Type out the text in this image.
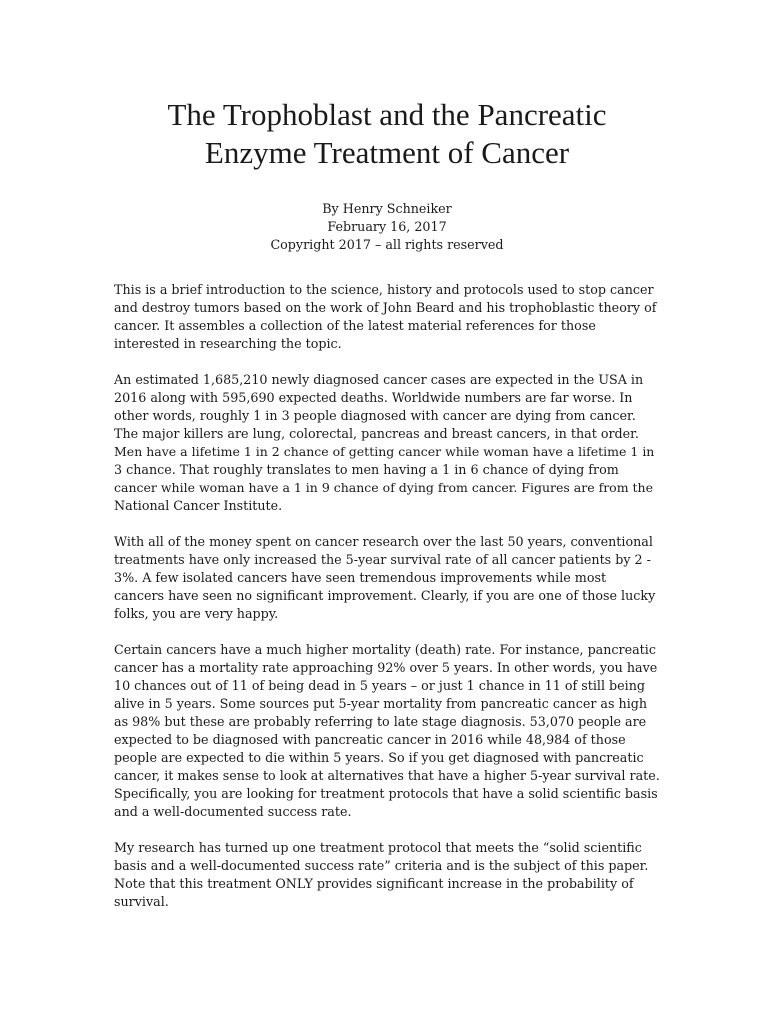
The Trophoblast and the Pancreatic
Enzyme Treatment of Cancer
By Henry Schneiker
February 16, 2017
Copyright 2017 – all rights reserved

This is a brief introduction to the science, history and protocols used to stop cancer
and destroy tumors based on the work of John Beard and his trophoblastic theory of
cancer. It assembles a collection of the latest material references for those
interested in researching the topic.

An estimated 1,685,210 newly diagnosed cancer cases are expected in the USA in
2016 along with 595,690 expected deaths. Worldwide numbers are far worse. In
other words, roughly 1 in 3 people diagnosed with cancer are dying from cancer.
The major killers are lung, colorectal, pancreas and breast cancers, in that order.
Men have a lifetime 1 in 2 chance of getting cancer while woman have a lifetime 1 in
3 chance. That roughly translates to men having a 1 in 6 chance of dying from
cancer while woman have a 1 in 9 chance of dying from cancer. Figures are from the
National Cancer Institute.

With all of the money spent on cancer research over the last 50 years, conventional
treatments have only increased the 5-year survival rate of all cancer patients by 2 -
3%. A few isolated cancers have seen tremendous improvements while most
cancers have seen no significant improvement. Clearly, if you are one of those lucky
folks, you are very happy.

Certain cancers have a much higher mortality (death) rate. For instance, pancreatic
cancer has a mortality rate approaching 92% over 5 years. In other words, you have
10 chances out of 11 of being dead in 5 years – or just 1 chance in 11 of still being
alive in 5 years. Some sources put 5-year mortality from pancreatic cancer as high
as 98% but these are probably referring to late stage diagnosis. 53,070 people are
expected to be diagnosed with pancreatic cancer in 2016 while 48,984 of those
people are expected to die within 5 years. So if you get diagnosed with pancreatic
cancer, it makes sense to look at alternatives that have a higher 5-year survival rate.
Specifically, you are looking for treatment protocols that have a solid scientific basis
and a well-documented success rate.

My research has turned up one treatment protocol that meets the “solid scientific
basis and a well-documented success rate” criteria and is the subject of this paper.
Note that this treatment ONLY provides significant increase in the probability of
survival.
